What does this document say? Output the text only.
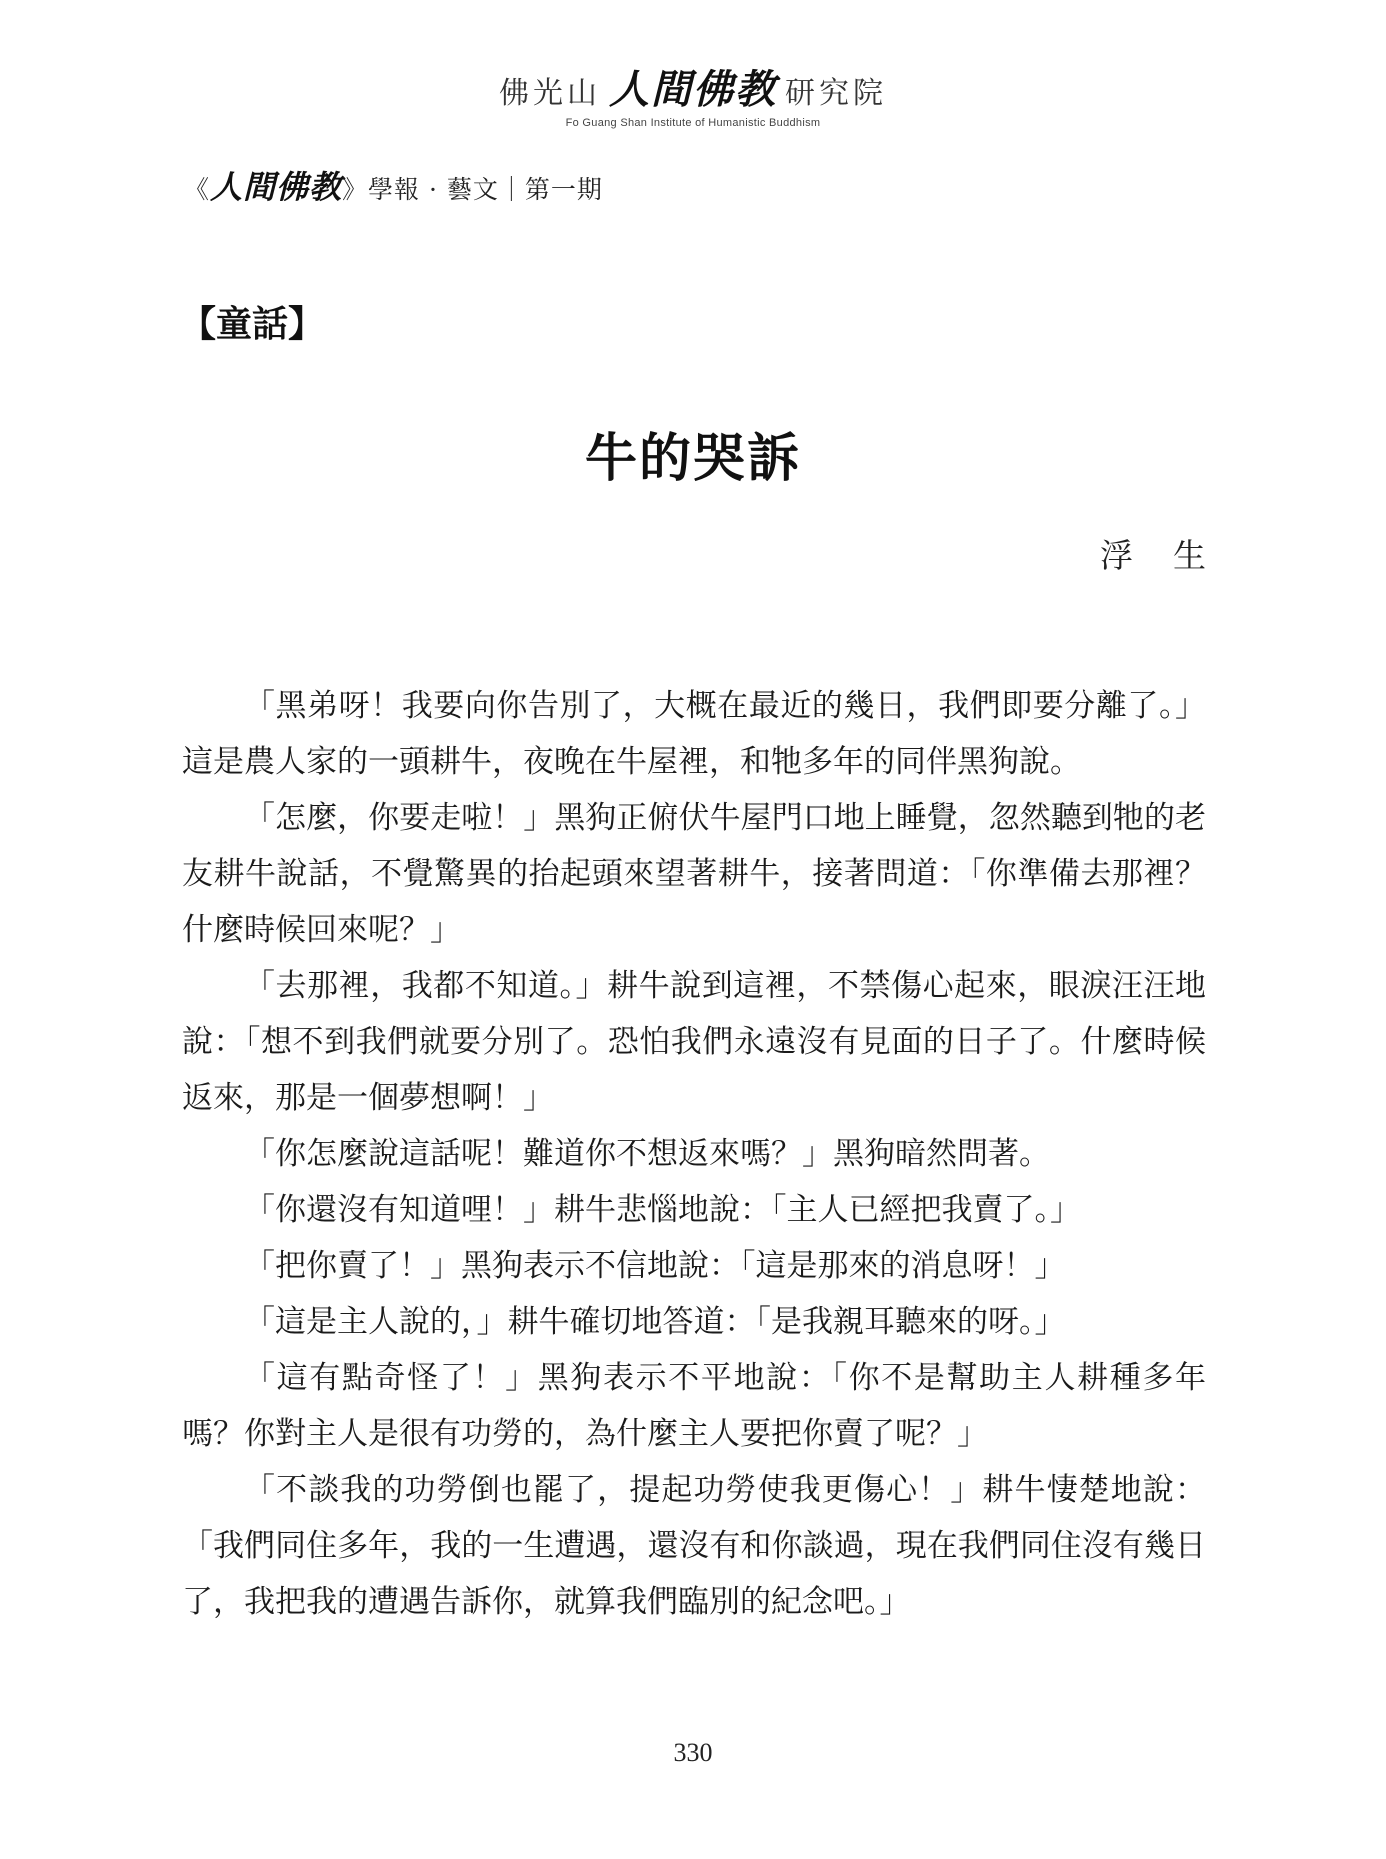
佛光山 人間佛教 研究院
Fo Guang Shan Institute of Humanistic Buddhism
《 人間佛教 》 學報 · 藝文｜第一期
【童話】
牛的哭訴
浮生

「黑弟呀！我要向你告別了，大概在最近的幾日，我們即要分離了。」這是農人家的一頭耕牛，夜晚在牛屋裡，和牠多年的同伴黑狗說。

「怎麼，你要走啦！」黑狗正俯伏牛屋門口地上睡覺，忽然聽到牠的老友耕牛說話，不覺驚異的抬起頭來望著耕牛，接著問道：「你準備去那裡？什麼時候回來呢？」

「去那裡，我都不知道。」耕牛說到這裡，不禁傷心起來，眼淚汪汪地說：「想不到我們就要分別了。恐怕我們永遠沒有見面的日子了。什麼時候返來，那是一個夢想啊！」

「你怎麼說這話呢！難道你不想返來嗎？」黑狗暗然問著。

「你還沒有知道哩！」耕牛悲惱地說：「主人已經把我賣了。」

「把你賣了！」黑狗表示不信地說：「這是那來的消息呀！」

「這是主人說的，」耕牛確切地答道：「是我親耳聽來的呀。」

「這有點奇怪了！」黑狗表示不平地說：「你不是幫助主人耕種多年嗎？你對主人是很有功勞的，為什麼主人要把你賣了呢？」

「不談我的功勞倒也罷了，提起功勞使我更傷心！」耕牛悽楚地說：「我們同住多年，我的一生遭遇，還沒有和你談過，現在我們同住沒有幾日了，我把我的遭遇告訴你，就算我們臨別的紀念吧。」

330
